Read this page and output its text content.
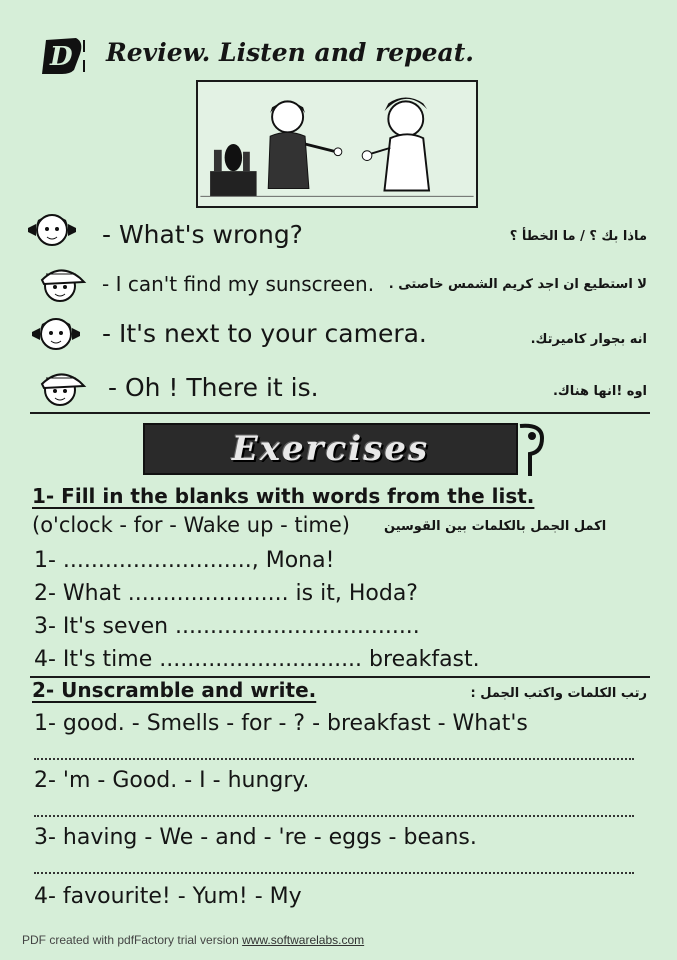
D Review. Listen and repeat.
- What's wrong?	ماذا بك ؟ / ما الخطأ ؟
- I can't find my sunscreen. لا استطيع ان اجد كريم الشمس خاصتى .
- It's next to your camera.	انه بجوار كاميرتك.
- Oh ! There it is.	اوه !انها هناك.
Exercises
1- Fill in the blanks with words from the list.
(o'clock - for - Wake up - time)	اكمل الجمل بالكلمات بين القوسين
1- ..........................., Mona!
2- What ....................... is it, Hoda?
3- It's seven ...................................
4- It's time ............................. breakfast.
2- Unscramble and write.	رتب الكلمات واكتب الجمل :
1- good. - Smells - for - ? - breakfast - What's
2- 'm - Good. - I - hungry.
3- having - We - and - 're - eggs - beans.
4- favourite! - Yum! - My
PDF created with pdfFactory trial version www.softwarelabs.com
